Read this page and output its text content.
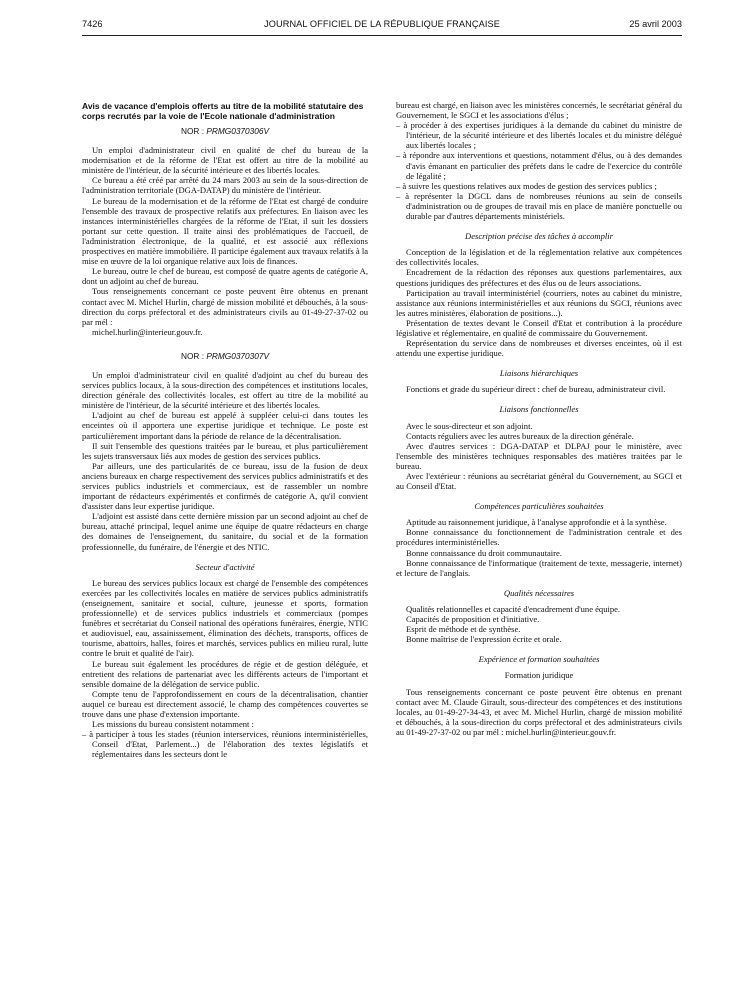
7426	JOURNAL OFFICIEL DE LA RÉPUBLIQUE FRANÇAISE	25 avril 2003

Avis de vacance d'emplois offerts au titre de la mobilité statutaire des corps recrutés par la voie de l'Ecole nationale d'administration

NOR : PRMG0370306V

Un emploi d'administrateur civil en qualité de chef du bureau de la modernisation et de la réforme de l'Etat est offert au titre de la mobilité au ministère de l'intérieur, de la sécurité intérieure et des libertés locales.

Ce bureau a été créé par arrêté du 24 mars 2003 au sein de la sous-direction de l'administration territoriale (DGA-DATAP) du ministère de l'intérieur.

Le bureau de la modernisation et de la réforme de l'Etat est chargé de conduire l'ensemble des travaux de prospective relatifs aux préfectures. En liaison avec les instances interministérielles chargées de la réforme de l'Etat, il suit les dossiers portant sur cette question. Il traite ainsi des problématiques de l'accueil, de l'administration électronique, de la qualité, et est associé aux réflexions prospectives en matière immobilière. Il participe également aux travaux relatifs à la mise en œuvre de la loi organique relative aux lois de finances.

Le bureau, outre le chef de bureau, est composé de quatre agents de catégorie A, dont un adjoint au chef de bureau.

Tous renseignements concernant ce poste peuvent être obtenus en prenant contact avec M. Michel Hurlin, chargé de mission mobilité et débouchés, à la sous-direction du corps préfectoral et des administrateurs civils au 01-49-27-37-02 ou par mél :

michel.hurlin@interieur.gouv.fr.

NOR : PRMG0370307V

Un emploi d'administrateur civil en qualité d'adjoint au chef du bureau des services publics locaux, à la sous-direction des compétences et institutions locales, direction générale des collectivités locales, est offert au titre de la mobilité au ministère de l'intérieur, de la sécurité intérieure et des libertés locales.

L'adjoint au chef de bureau est appelé à suppléer celui-ci dans toutes les enceintes où il apportera une expertise juridique et technique. Le poste est particulièrement important dans la période de relance de la décentralisation.

Il suit l'ensemble des questions traitées par le bureau, et plus particulièrement les sujets transversaux liés aux modes de gestion des services publics.

Par ailleurs, une des particularités de ce bureau, issu de la fusion de deux anciens bureaux en charge respectivement des services publics administratifs et des services publics industriels et commerciaux, est de rassembler un nombre important de rédacteurs expérimentés et confirmés de catégorie A, qu'il convient d'assister dans leur expertise juridique.

L'adjoint est assisté dans cette dernière mission par un second adjoint au chef de bureau, attaché principal, lequel anime une équipe de quatre rédacteurs en charge des domaines de l'enseignement, du sanitaire, du social et de la formation professionnelle, du funéraire, de l'énergie et des NTIC.

Secteur d'activité

Le bureau des services publics locaux est chargé de l'ensemble des compétences exercées par les collectivités locales en matière de services publics administratifs (enseignement, sanitaire et social, culture, jeunesse et sports, formation professionnelle) et de services publics industriels et commerciaux (pompes funèbres et secrétariat du Conseil national des opérations funéraires, énergie, NTIC et audiovisuel, eau, assainissement, élimination des déchets, transports, offices de tourisme, abattoirs, halles, foires et marchés, services publics en milieu rural, lutte contre le bruit et qualité de l'air).

Le bureau suit également les procédures de régie et de gestion déléguée, et entretient des relations de partenariat avec les différents acteurs de l'important et sensible domaine de la délégation de service public.

Compte tenu de l'approfondissement en cours de la décentralisation, chantier auquel ce bureau est directement associé, le champ des compétences couvertes se trouve dans une phase d'extension importante.

Les missions du bureau consistent notamment :

– à participer à tous les stades (réunion interservices, réunions interministérielles, Conseil d'Etat, Parlement...) de l'élaboration des textes législatifs et réglementaires dans les secteurs dont le

bureau est chargé, en liaison avec les ministères concernés, le secrétariat général du Gouvernement, le SGCI et les associations d'élus ;

– à procéder à des expertises juridiques à la demande du cabinet du ministre de l'intérieur, de la sécurité intérieure et des libertés locales et du ministre délégué aux libertés locales ;

– à répondre aux interventions et questions, notamment d'élus, ou à des demandes d'avis émanant en particulier des préfets dans le cadre de l'exercice du contrôle de légalité ;

– à suivre les questions relatives aux modes de gestion des services publics ;

– à représenter la DGCL dans de nombreuses réunions au sein de conseils d'administration ou de groupes de travail mis en place de manière ponctuelle ou durable par d'autres départements ministériels.

Description précise des tâches à accomplir

Conception de la législation et de la réglementation relative aux compétences des collectivités locales.

Encadrement de la rédaction des réponses aux questions parlementaires, aux questions juridiques des préfectures et des élus ou de leurs associations.

Participation au travail interministériel (courriers, notes au cabinet du ministre, assistance aux réunions interministérielles et aux réunions du SGCI, réunions avec les autres ministères, élaboration de positions...).

Présentation de textes devant le Conseil d'Etat et contribution à la procédure législative et réglementaire, en qualité de commissaire du Gouvernement.

Représentation du service dans de nombreuses et diverses enceintes, où il est attendu une expertise juridique.

Liaisons hiérarchiques

Fonctions et grade du supérieur direct : chef de bureau, administrateur civil.

Liaisons fonctionnelles

Avec le sous-directeur et son adjoint.

Contacts réguliers avec les autres bureaux de la direction générale.

Avec d'autres services : DGA-DATAP et DLPAJ pour le ministère, avec l'ensemble des ministères techniques responsables des matières traitées par le bureau.

Avec l'extérieur : réunions au secrétariat général du Gouvernement, au SGCI et au Conseil d'Etat.

Compétences particulières souhaitées

Aptitude au raisonnement juridique, à l'analyse approfondie et à la synthèse.

Bonne connaissance du fonctionnement de l'administration centrale et des procédures interministérielles.

Bonne connaissance du droit communautaire.

Bonne connaissance de l'informatique (traitement de texte, messagerie, internet) et lecture de l'anglais.

Qualités nécessaires

Qualités relationnelles et capacité d'encadrement d'une équipe.

Capacités de proposition et d'initiative.

Esprit de méthode et de synthèse.

Bonne maîtrise de l'expression écrite et orale.

Expérience et formation souhaitées

Formation juridique

Tous renseignements concernant ce poste peuvent être obtenus en prenant contact avec M. Claude Girault, sous-directeur des compétences et des institutions locales, au 01-49-27-34-43, et avec M. Michel Hurlin, chargé de mission mobilité et débouchés, à la sous-direction du corps préfectoral et des administrateurs civils au 01-49-27-37-02 ou par mél : michel.hurlin@interieur.gouv.fr.
